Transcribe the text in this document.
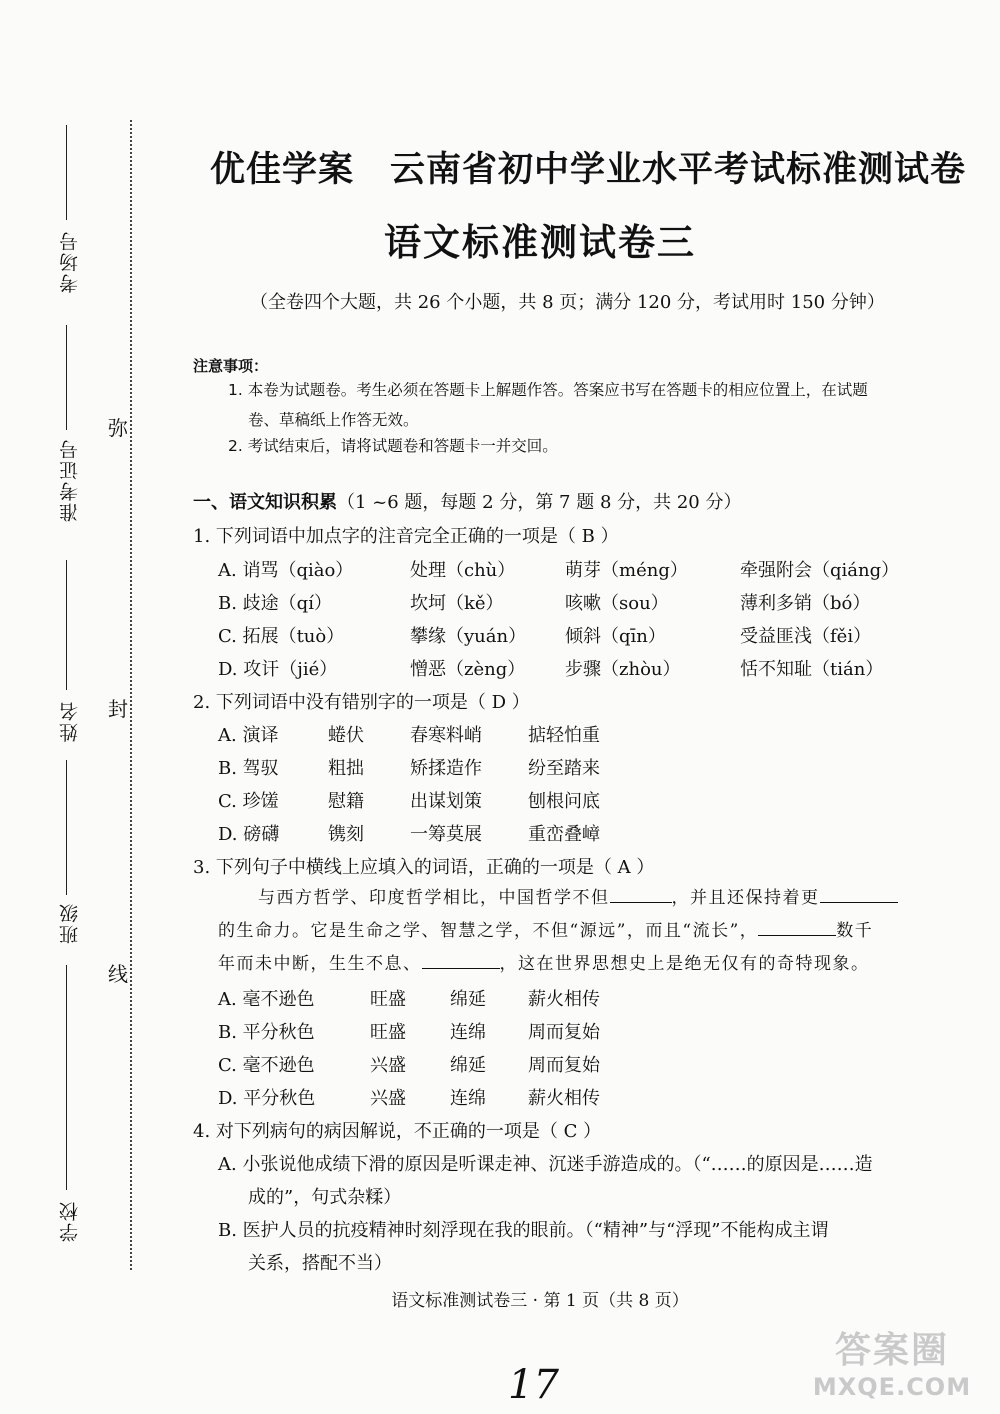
考场号
准考证号
姓名
班级
学校
弥
封
线
优佳学案　云南省初中学业水平考试标准测试卷
语文标准测试卷三
（全卷四个大题，共 26 个小题，共 8 页；满分 120 分，考试用时 150 分钟）
注意事项：
1. 本卷为试题卷。考生必须在答题卡上解题作答。答案应书写在答题卡的相应位置上，在试题
卷、草稿纸上作答无效。
2. 考试结束后，请将试题卷和答题卡一并交回。
一、语文知识积累（1 ~6 题，每题 2 分，第 7 题 8 分，共 20 分）
1. 下列词语中加点字的注音完全正确的一项是（ B ）
A. 诮骂（qiào）	处理（chù）	萌芽（méng）	牵强附会（qiáng）
B. 歧途（qí）	坎坷（kě）	咳嗽（sou）	薄利多销（bó）
C. 拓展（tuò）	攀缘（yuán） 倾斜（qīn）	受益匪浅（fěi）
D. 攻讦（jié）	憎恶（zèng） 步骤（zhòu）	恬不知耻（tián）
2. 下列词语中没有错别字的一项是（ D ）
A. 演译	蜷伏	春寒料峭	掂轻怕重
B. 驾驭	粗拙	矫揉造作	纷至踏来
C. 珍馐	慰籍	出谋划策	刨根问底
D. 磅礴	镌刻	一筹莫展	重峦叠嶂
3. 下列句子中横线上应填入的词语，正确的一项是（ A ）
与西方哲学、印度哲学相比，中国哲学不但	，并且还保持着更
的生命力。它是生命之学、智慧之学，不但“源远”，而且“流长”，	数千
年而未中断，生生不息、	，这在世界思想史上是绝无仅有的奇特现象。
A. 毫不逊色	旺盛 绵延 薪火相传
B. 平分秋色	旺盛 连绵 周而复始
C. 毫不逊色	兴盛 绵延 周而复始
D. 平分秋色	兴盛 连绵 薪火相传
4. 对下列病句的病因解说，不正确的一项是（ C ）
A. 小张说他成绩下滑的原因是听课走神、沉迷手游造成的。（“……的原因是……造
成的”，句式杂糅）
B. 医护人员的抗疫精神时刻浮现在我的眼前。（“精神”与“浮现”不能构成主谓
关系，搭配不当）
语文标准测试卷三 · 第 1 页（共 8 页）
17
答案圈
MXQE.COM
